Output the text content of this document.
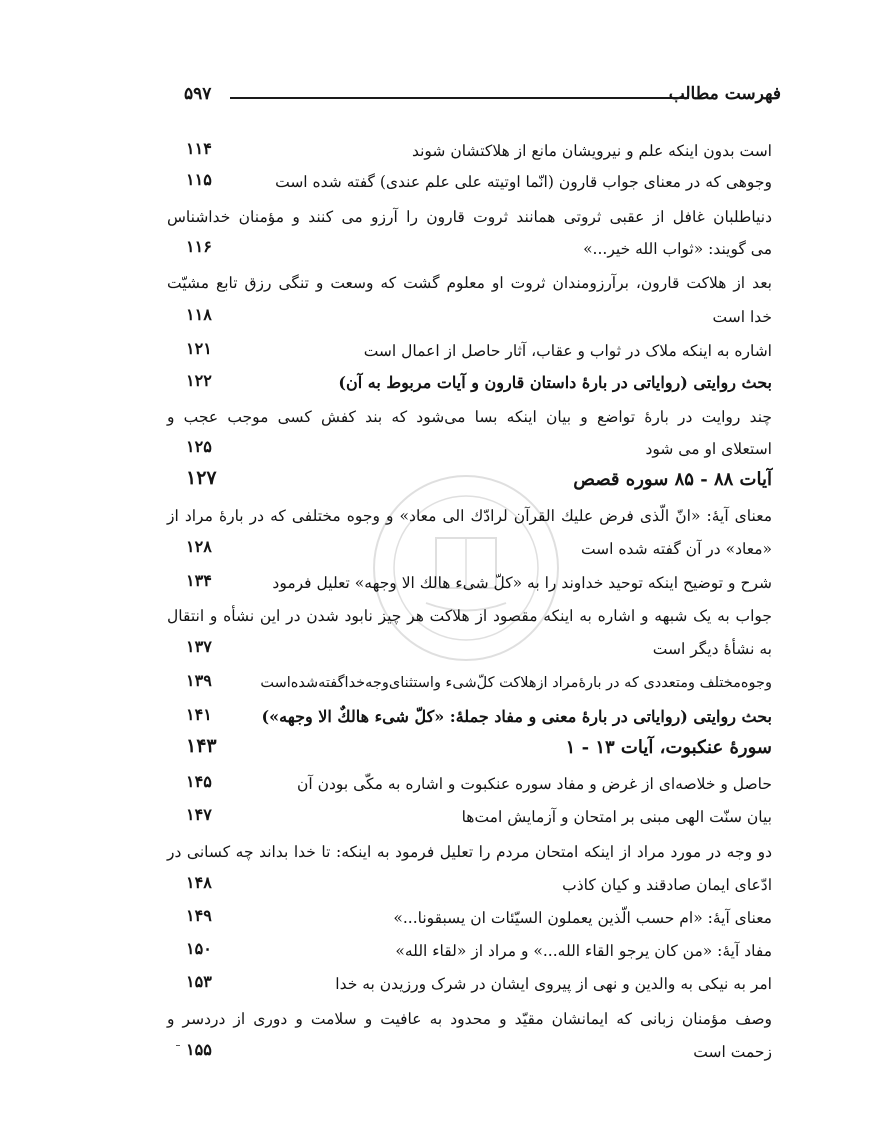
فهرست مطالب
۵۹۷
است بدون اینکه علم و نیرویشان مانع از هلاکتشان شوند
۱۱۴
وجوهی که در معنای جواب قارون (انّما اوتیته علی علم عندی) گفته شده است
۱۱۵
دنیاطلبان غافل از عقبی ثروتی همانند ثروت قارون را آرزو می کنند و مؤمنان خداشناس
می گویند: «ثواب الله خیر...»
۱۱۶
بعد از هلاکت قارون، برآرزومندان ثروت او معلوم گشت که وسعت و تنگی رزق تابع مشیّت
خدا است
۱۱۸
اشاره به اینکه ملاک در ثواب و عقاب، آثار حاصل از اعمال است
۱۲۱
بحث روایتی (روایاتی در بارهٔ داستان قارون و آیات مربوط به آن)
۱۲۲
چند روایت در بارهٔ تواضع و بیان اینکه بسا می‌شود که بند کفش کسی موجب عجب و
استعلای او می شود
۱۲۵
آیات ۸۸ - ۸۵ سوره قصص
۱۲۷
معنای آیهٔ: «انّ الّذی فرض علیك القرآن لرادّك الی معاد» و وجوه مختلفی که در بارهٔ مراد از
«معاد» در آن گفته شده است
۱۲۸
شرح و توضیح اینکه توحید خداوند را به «کلّ شیء هالك الا وجهه» تعلیل فرمود
۱۳۴
جواب به یک شبهه و اشاره به اینکه مقصود از هلاکت هر چیز نابود شدن در این نشأه و انتقال
به نشأهٔ دیگر است
۱۳۷
وجوه‌مختلف ومتعددی که در بارهٔ‌مراد از‌هلاکت کلّ‌شیء و‌استثنای‌وجه‌خدا‌گفته‌شده‌است
۱۳۹
بحث روایتی (روایاتی در بارهٔ معنی و مفاد جملهٔ: «کلّ شیء هالكٌ الا وجهه»)
۱۴۱
سورهٔ عنکبوت، آیات ۱۳ - ۱
۱۴۳
حاصل و خلاصه‌ای از غرض و مفاد سوره عنکبوت و اشاره به مکّی بودن آن
۱۴۵
بیان سنّت الهی مبنی بر امتحان و آزمایش امت‌ها
۱۴۷
دو وجه در مورد مراد از اینکه امتحان مردم را تعلیل فرمود به اینکه: تا خدا بداند چه کسانی در
ادّعای ایمان صادقند و کیان کاذب
۱۴۸
معنای آیهٔ: «ام حسب الّذین یعملون السیّئات ان یسبقونا...»
۱۴۹
مفاد آیهٔ: «من کان یرجو القاء الله...» و مراد از «لقاء الله»
۱۵۰
امر به نیکی به والدین و نهی از پیروی ایشان در شرک ورزیدن به خدا
۱۵۳
وصف مؤمنان زبانی که ایمانشان مقیّد و محدود به عافیت و سلامت و دوری از دردسر و
زحمت است
۱۵۵
